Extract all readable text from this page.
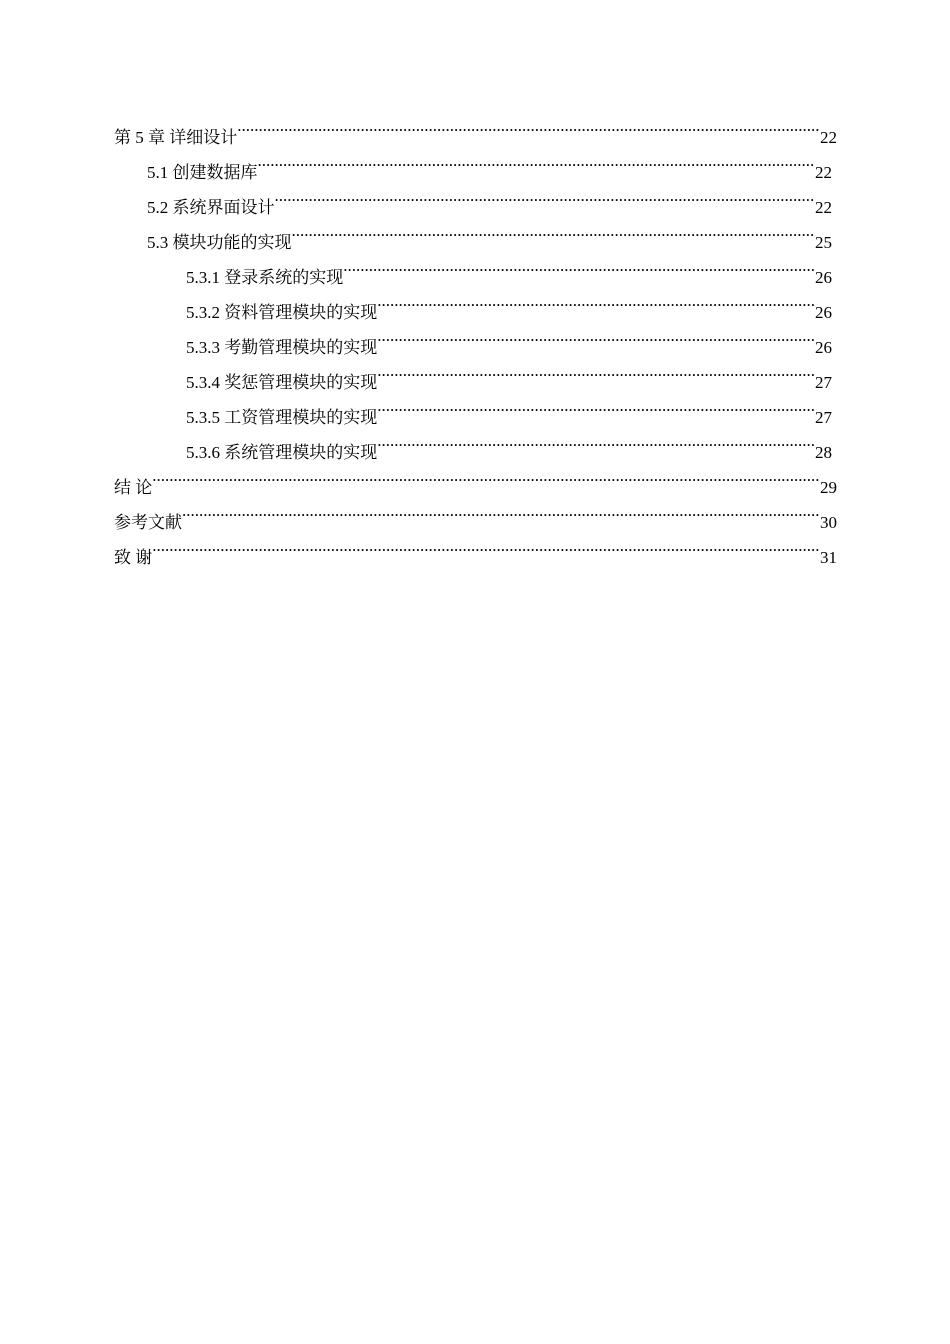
第 5 章 详细设计 .....	22
5.1 创建数据库 .....	22
5.2 系统界面设计 .....	22
5.3 模块功能的实现 .....	25
5.3.1 登录系统的实现 .....	26
5.3.2 资料管理模块的实现 .....	26
5.3.3 考勤管理模块的实现 .....	26
5.3.4 奖惩管理模块的实现 .....	27
5.3.5 工资管理模块的实现 .....	27
5.3.6 系统管理模块的实现 .....	28
结 论 .....	29
参考文献 .....	30
致 谢 .....	31
